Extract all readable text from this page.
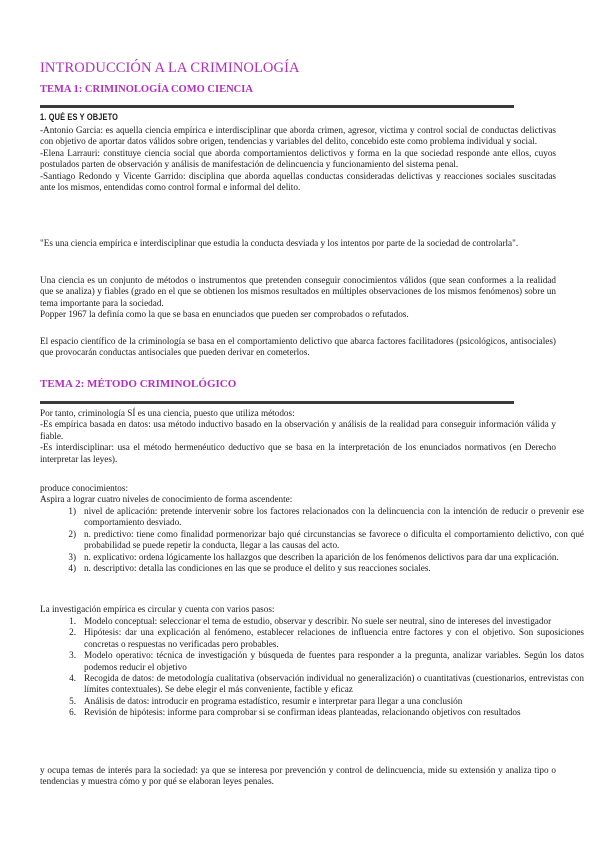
INTRODUCCIÓN A LA CRIMINOLOGÍA
TEMA 1: CRIMINOLOGÍA COMO CIENCIA
1. QUÉ ES Y OBJETO

-Antonio Garcia: es aquella ciencia empírica e interdisciplinar que aborda crimen, agresor, victima y control social de conductas delictivas con objetivo de aportar datos válidos sobre origen, tendencias y variables del delito, concebido este como problema individual y social.

-Elena Larrauri: constituye ciencia social que aborda comportamientos delictivos y forma en la que sociedad responde ante ellos, cuyos postulados parten de observación y análisis de manifestación de delincuencia y funcionamiento del sistema penal.

-Santiago Redondo y Vicente Garrido: disciplina que aborda aquellas conductas consideradas delictivas y reacciones sociales suscitadas ante los mismos, entendidas como control formal e informal del delito.

"Es una ciencia empírica e interdisciplinar que estudia la conducta desviada y los intentos por parte de la sociedad de controlarla".

Una ciencia es un conjunto de métodos o instrumentos que pretenden conseguir conocimientos válidos (que sean conformes a la realidad que se analiza) y fiables (grado en el que se obtienen los mismos resultados en múltiples observaciones de los mismos fenómenos) sobre un tema importante para la sociedad.

Popper 1967 la definía como la que se basa en enunciados que pueden ser comprobados o refutados.

El espacio científico de la criminología se basa en el comportamiento delictivo que abarca factores facilitadores (psicológicos, antisociales) que provocarán conductas antisociales que pueden derivar en cometerlos.

TEMA 2: MÉTODO CRIMINOLÓGICO

Por tanto, criminología SÍ es una ciencia, puesto que utiliza métodos:

-Es empírica basada en datos: usa método inductivo basado en la observación y análisis de la realidad para conseguir información válida y fiable.

-Es interdisciplinar: usa el método hermenéutico deductivo que se basa en la interpretación de los enunciados normativos (en Derecho interpretar las leyes).

produce conocimientos:

Aspira a lograr cuatro niveles de conocimiento de forma ascendente:

nivel de aplicación: pretende intervenir sobre los factores relacionados con la delincuencia con la intención de reducir o prevenir ese comportamiento desviado.
n. predictivo: tiene como finalidad pormenorizar bajo qué circunstancias se favorece o dificulta el comportamiento delictivo, con qué probabilidad se puede repetir la conducta, llegar a las causas del acto.
n. explicativo: ordena lógicamente los hallazgos que describen la aparición de los fenómenos delictivos para dar una explicación.
n. descriptivo: detalla las condiciones en las que se produce el delito y sus reacciones sociales.

La investigación empírica es circular y cuenta con varios pasos:

Modelo conceptual: seleccionar el tema de estudio, observar y describir. No suele ser neutral, sino de intereses del investigador
Hipótesis: dar una explicación al fenómeno, establecer relaciones de influencia entre factores y con el objetivo. Son suposiciones concretas o respuestas no verificadas pero probables.
Modelo operativo: técnica de investigación y búsqueda de fuentes para responder a la pregunta, analizar variables. Según los datos podemos reducir el objetivo
Recogida de datos: de metodología cualitativa (observación individual no generalización) o cuantitativas (cuestionarios, entrevistas con límites contextuales). Se debe elegir el más conveniente, factible y eficaz
Análisis de datos: introducir en programa estadístico, resumir e interpretar para llegar a una conclusión
Revisión de hipótesis: informe para comprobar si se confirman ideas planteadas, relacionando objetivos con resultados

y ocupa temas de interés para la sociedad: ya que se interesa por prevención y control de delincuencia, mide su extensión y analiza tipo o tendencias y muestra cómo y por qué se elaboran leyes penales.
